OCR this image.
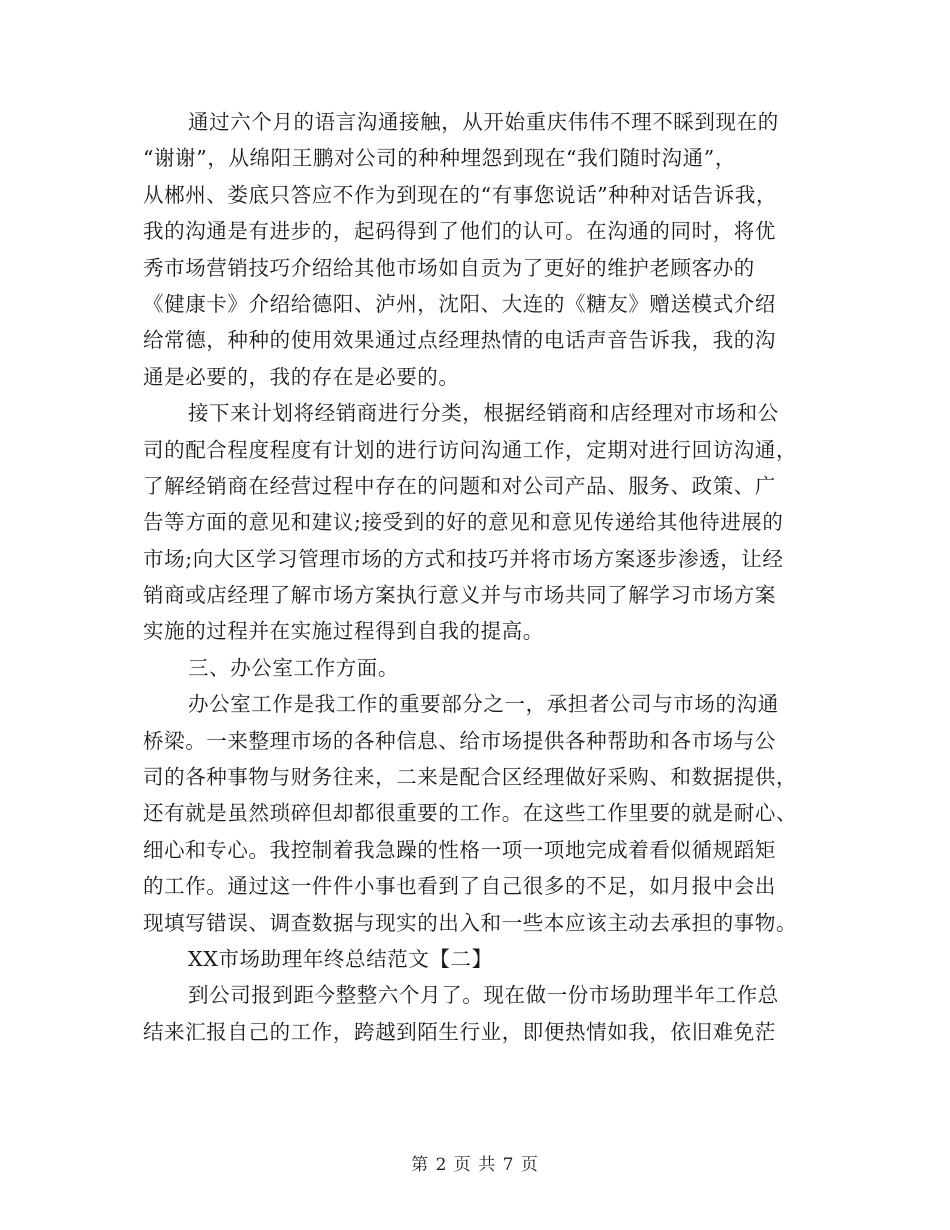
通过六个月的语言沟通接触，从开始重庆伟伟不理不睬到现在的
“谢谢”，从绵阳王鹏对公司的种种埋怨到现在“我们随时沟通”，
从郴州、娄底只答应不作为到现在的“有事您说话”种种对话告诉我，
我的沟通是有进步的，起码得到了他们的认可。在沟通的同时，将优
秀市场营销技巧介绍给其他市场如自贡为了更好的维护老顾客办的
《健康卡》介绍给德阳、泸州，沈阳、大连的《糖友》赠送模式介绍
给常德，种种的使用效果通过点经理热情的电话声音告诉我，我的沟
通是必要的，我的存在是必要的。
接下来计划将经销商进行分类，根据经销商和店经理对市场和公
司的配合程度程度有计划的进行访问沟通工作，定期对进行回访沟通，
了解经销商在经营过程中存在的问题和对公司产品、服务、政策、广
告等方面的意见和建议;接受到的好的意见和意见传递给其他待进展的
市场;向大区学习管理市场的方式和技巧并将市场方案逐步渗透，让经
销商或店经理了解市场方案执行意义并与市场共同了解学习市场方案
实施的过程并在实施过程得到自我的提高。
三、办公室工作方面。
办公室工作是我工作的重要部分之一，承担者公司与市场的沟通
桥梁。一来整理市场的各种信息、给市场提供各种帮助和各市场与公
司的各种事物与财务往来，二来是配合区经理做好采购、和数据提供，
还有就是虽然琐碎但却都很重要的工作。在这些工作里要的就是耐心、
细心和专心。我控制着我急躁的性格一项一项地完成着看似循规蹈矩
的工作。通过这一件件小事也看到了自己很多的不足，如月报中会出
现填写错误、调查数据与现实的出入和一些本应该主动去承担的事物。
XX市场助理年终总结范文【二】
到公司报到距今整整六个月了。现在做一份市场助理半年工作总
结来汇报自己的工作，跨越到陌生行业，即便热情如我，依旧难免茫
第 2 页 共 7 页
